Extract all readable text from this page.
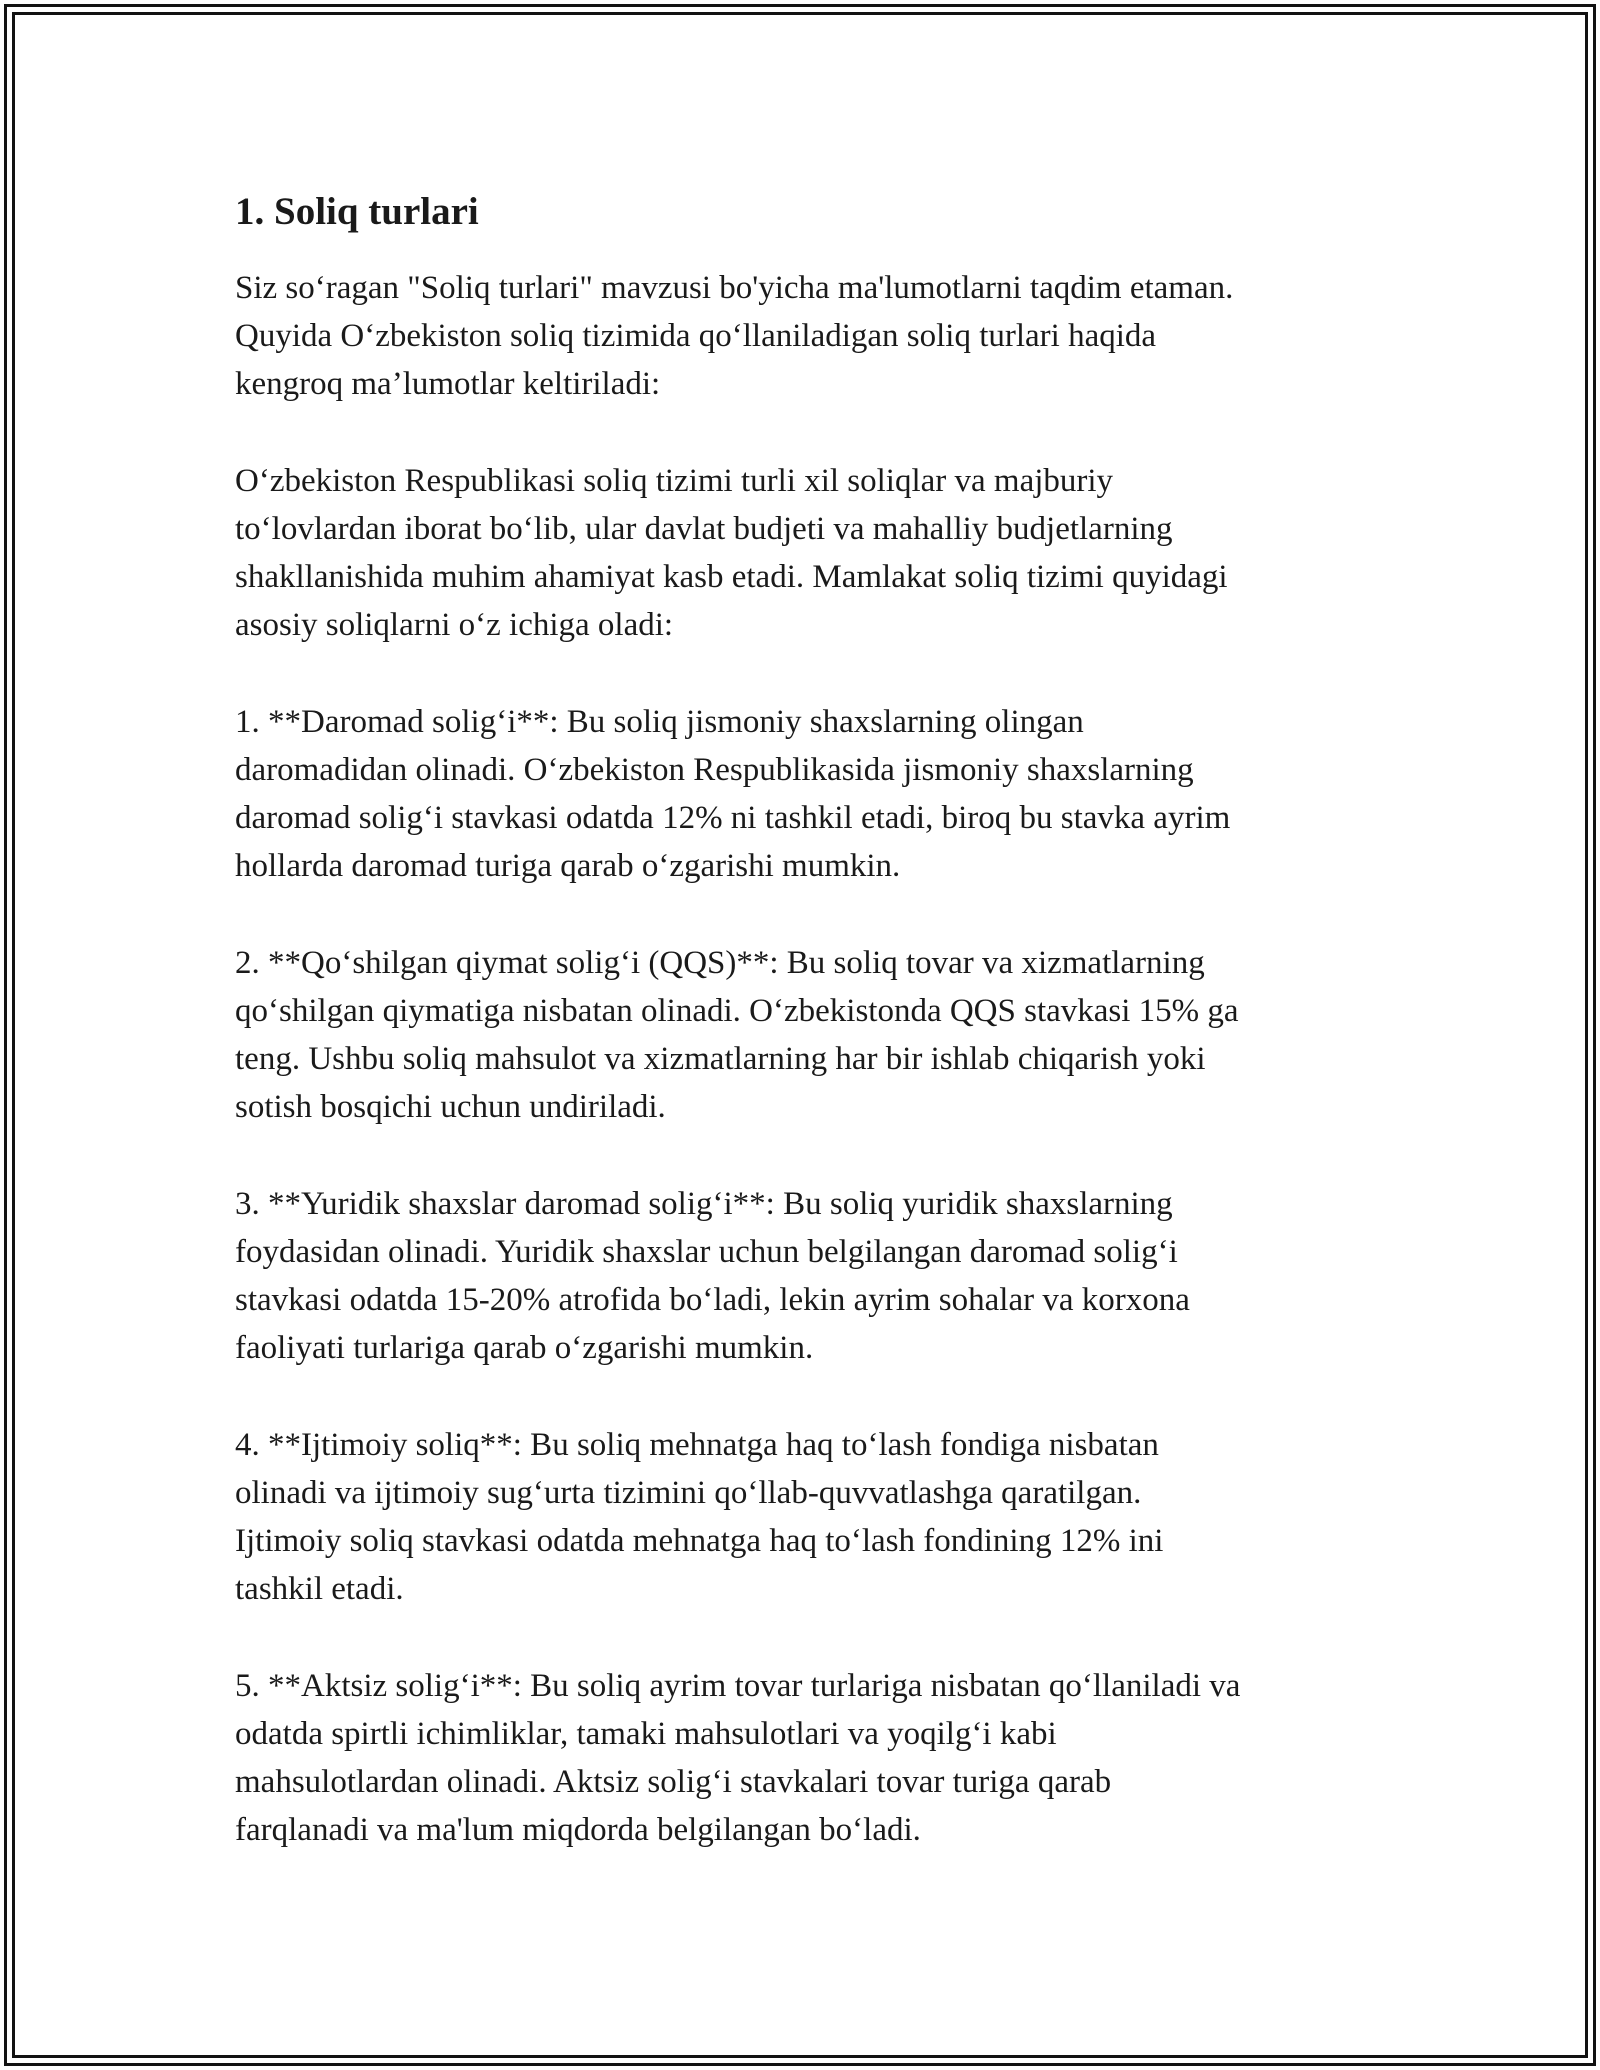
1. Soliq turlari

Siz so‘ragan "Soliq turlari" mavzusi bo'yicha ma'lumotlarni taqdim etaman.
Quyida O‘zbekiston soliq tizimida qo‘llaniladigan soliq turlari haqida
kengroq ma’lumotlar keltiriladi:

O‘zbekiston Respublikasi soliq tizimi turli xil soliqlar va majburiy
to‘lovlardan iborat bo‘lib, ular davlat budjeti va mahalliy budjetlarning
shakllanishida muhim ahamiyat kasb etadi. Mamlakat soliq tizimi quyidagi
asosiy soliqlarni o‘z ichiga oladi:

1. **Daromad solig‘i**: Bu soliq jismoniy shaxslarning olingan
daromadidan olinadi. O‘zbekiston Respublikasida jismoniy shaxslarning
daromad solig‘i stavkasi odatda 12% ni tashkil etadi, biroq bu stavka ayrim
hollarda daromad turiga qarab o‘zgarishi mumkin.

2. **Qo‘shilgan qiymat solig‘i (QQS)**: Bu soliq tovar va xizmatlarning
qo‘shilgan qiymatiga nisbatan olinadi. O‘zbekistonda QQS stavkasi 15% ga
teng. Ushbu soliq mahsulot va xizmatlarning har bir ishlab chiqarish yoki
sotish bosqichi uchun undiriladi.

3. **Yuridik shaxslar daromad solig‘i**: Bu soliq yuridik shaxslarning
foydasidan olinadi. Yuridik shaxslar uchun belgilangan daromad solig‘i
stavkasi odatda 15-20% atrofida bo‘ladi, lekin ayrim sohalar va korxona
faoliyati turlariga qarab o‘zgarishi mumkin.

4. **Ijtimoiy soliq**: Bu soliq mehnatga haq to‘lash fondiga nisbatan
olinadi va ijtimoiy sug‘urta tizimini qo‘llab-quvvatlashga qaratilgan.
Ijtimoiy soliq stavkasi odatda mehnatga haq to‘lash fondining 12% ini
tashkil etadi.

5. **Aktsiz solig‘i**: Bu soliq ayrim tovar turlariga nisbatan qo‘llaniladi va
odatda spirtli ichimliklar, tamaki mahsulotlari va yoqilg‘i kabi
mahsulotlardan olinadi. Aktsiz solig‘i stavkalari tovar turiga qarab
farqlanadi va ma'lum miqdorda belgilangan bo‘ladi.
